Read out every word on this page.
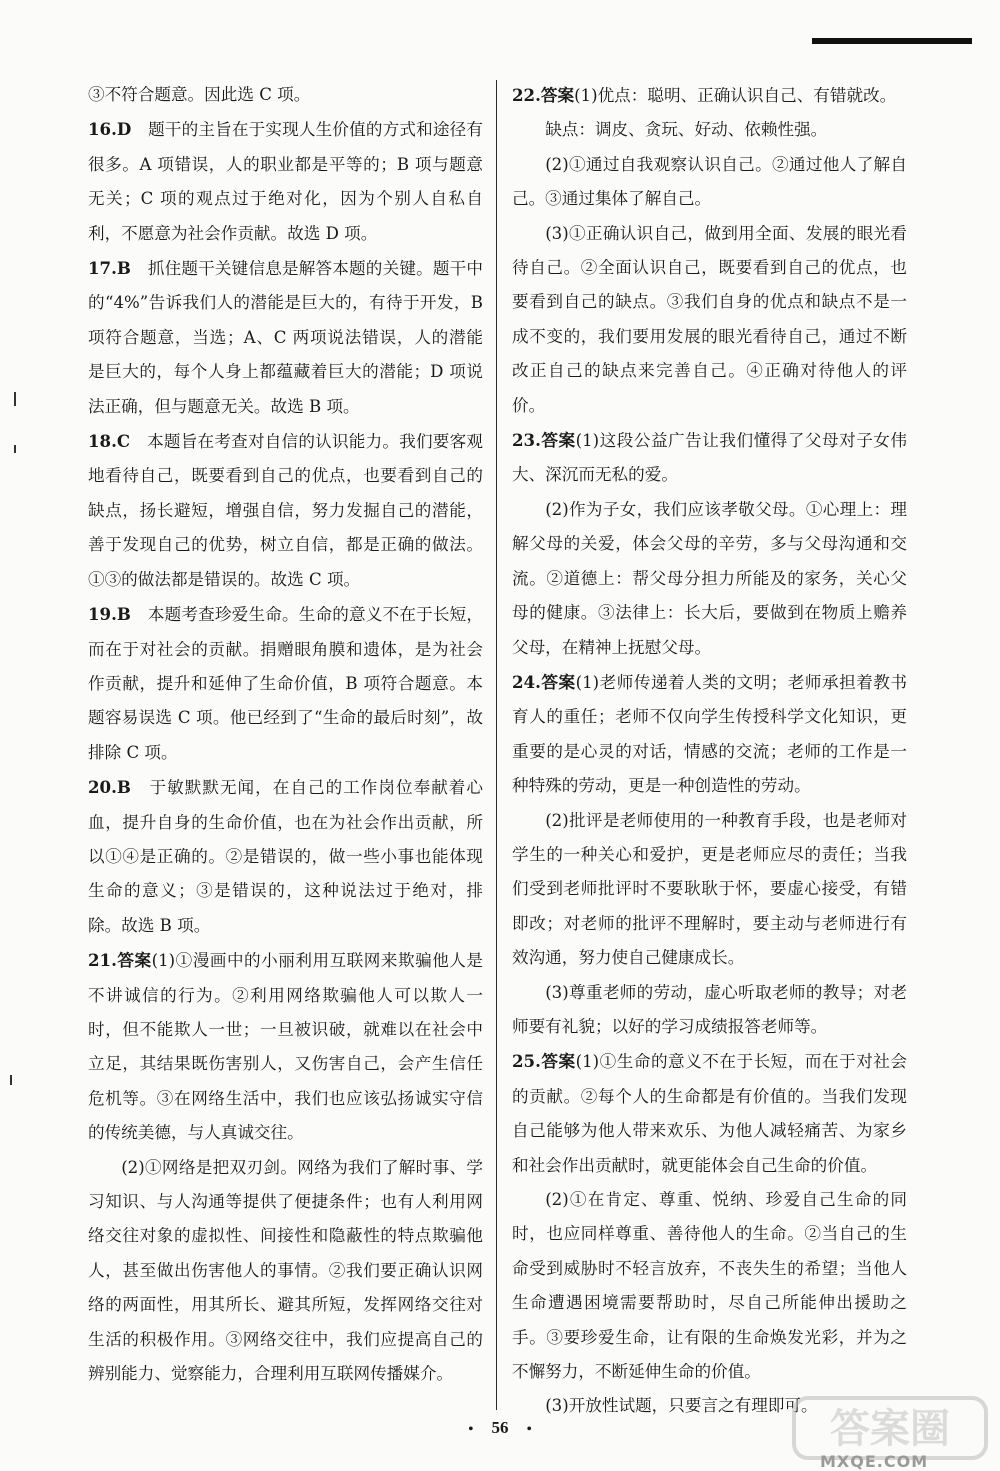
③不符合题意。因此选 C 项。

16.D　题干的主旨在于实现人生价值的方式和途径有很多。A 项错误，人的职业都是平等的；B 项与题意无关；C 项的观点过于绝对化，因为个别人自私自利，不愿意为社会作贡献。故选 D 项。

17.B　抓住题干关键信息是解答本题的关键。题干中的“4%”告诉我们人的潜能是巨大的，有待于开发，B 项符合题意，当选；A、C 两项说法错误，人的潜能是巨大的，每个人身上都蕴藏着巨大的潜能；D 项说法正确，但与题意无关。故选 B 项。

18.C　本题旨在考查对自信的认识能力。我们要客观地看待自己，既要看到自己的优点，也要看到自己的缺点，扬长避短，增强自信，努力发掘自己的潜能，善于发现自己的优势，树立自信，都是正确的做法。①③的做法都是错误的。故选 C 项。

19.B　本题考查珍爱生命。生命的意义不在于长短，而在于对社会的贡献。捐赠眼角膜和遗体，是为社会作贡献，提升和延伸了生命价值，B 项符合题意。本题容易误选 C 项。他已经到了“生命的最后时刻”，故排除 C 项。

20.B　于敏默默无闻，在自己的工作岗位奉献着心血，提升自身的生命价值，也在为社会作出贡献，所以①④是正确的。②是错误的，做一些小事也能体现生命的意义；③是错误的，这种说法过于绝对，排除。故选 B 项。

21.答案(1)①漫画中的小丽利用互联网来欺骗他人是不讲诚信的行为。②利用网络欺骗他人可以欺人一时，但不能欺人一世；一旦被识破，就难以在社会中立足，其结果既伤害别人，又伤害自己，会产生信任危机等。③在网络生活中，我们也应该弘扬诚实守信的传统美德，与人真诚交往。

(2)①网络是把双刃剑。网络为我们了解时事、学习知识、与人沟通等提供了便捷条件；也有人利用网络交往对象的虚拟性、间接性和隐蔽性的特点欺骗他人，甚至做出伤害他人的事情。②我们要正确认识网络的两面性，用其所长、避其所短，发挥网络交往对生活的积极作用。③网络交往中，我们应提高自己的辨别能力、觉察能力，合理利用互联网传播媒介。

22.答案(1)优点：聪明、正确认识自己、有错就改。

缺点：调皮、贪玩、好动、依赖性强。

(2)①通过自我观察认识自己。②通过他人了解自己。③通过集体了解自己。

(3)①正确认识自己，做到用全面、发展的眼光看待自己。②全面认识自己，既要看到自己的优点，也要看到自己的缺点。③我们自身的优点和缺点不是一成不变的，我们要用发展的眼光看待自己，通过不断改正自己的缺点来完善自己。④正确对待他人的评价。

23.答案(1)这段公益广告让我们懂得了父母对子女伟大、深沉而无私的爱。

(2)作为子女，我们应该孝敬父母。①心理上：理解父母的关爱，体会父母的辛劳，多与父母沟通和交流。②道德上：帮父母分担力所能及的家务，关心父母的健康。③法律上：长大后，要做到在物质上赡养父母，在精神上抚慰父母。

24.答案(1)老师传递着人类的文明；老师承担着教书育人的重任；老师不仅向学生传授科学文化知识，更重要的是心灵的对话，情感的交流；老师的工作是一种特殊的劳动，更是一种创造性的劳动。

(2)批评是老师使用的一种教育手段，也是老师对学生的一种关心和爱护，更是老师应尽的责任；当我们受到老师批评时不要耿耿于怀，要虚心接受，有错即改；对老师的批评不理解时，要主动与老师进行有效沟通，努力使自己健康成长。

(3)尊重老师的劳动，虚心听取老师的教导；对老师要有礼貌；以好的学习成绩报答老师等。

25.答案(1)①生命的意义不在于长短，而在于对社会的贡献。②每个人的生命都是有价值的。当我们发现自己能够为他人带来欢乐、为他人减轻痛苦、为家乡和社会作出贡献时，就更能体会自己生命的价值。

(2)①在肯定、尊重、悦纳、珍爱自己生命的同时，也应同样尊重、善待他人的生命。②当自己的生命受到威胁时不轻言放弃，不丧失生的希望；当他人生命遭遇困境需要帮助时，尽自己所能伸出援助之手。③要珍爱生命，让有限的生命焕发光彩，并为之不懈努力，不断延伸生命的价值。

(3)开放性试题，只要言之有理即可。

• 56 •	答案圈
MXQE.COM
